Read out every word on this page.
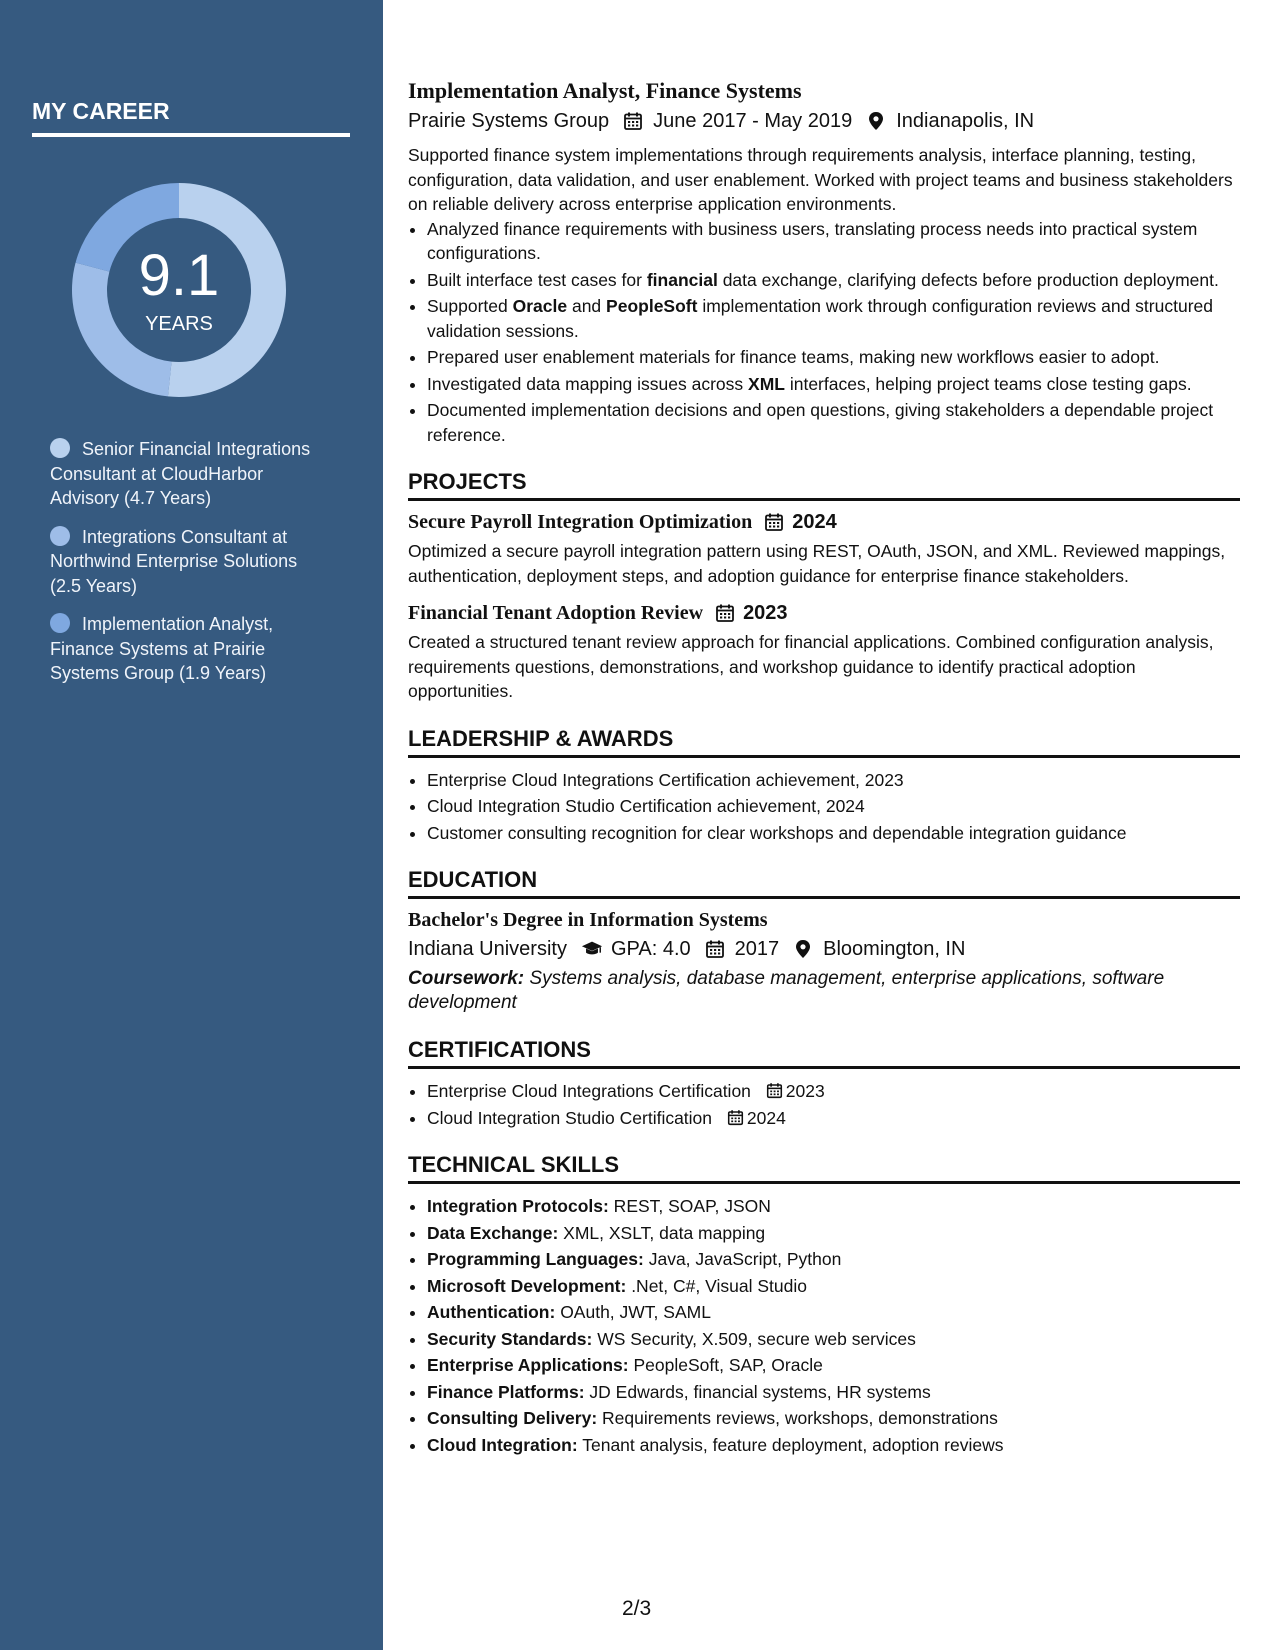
MY CAREER
9.1
YEARS
Senior Financial Integrations Consultant at CloudHarbor Advisory (4.7 Years)
Integrations Consultant at Northwind Enterprise Solutions (2.5 Years)
Implementation Analyst, Finance Systems at Prairie Systems Group (1.9 Years)
Implementation Analyst, Finance Systems
Prairie Systems Group June 2017 - May 2019 Indianapolis, IN

Supported finance system implementations through requirements analysis, interface planning, testing, configuration, data validation, and user enablement. Worked with project teams and business stakeholders on reliable delivery across enterprise application environments.

• Analyzed finance requirements with business users, translating process needs into practical system configurations.
• Built interface test cases for financial data exchange, clarifying defects before production deployment.
• Supported Oracle and PeopleSoft implementation work through configuration reviews and structured validation sessions.
• Prepared user enablement materials for finance teams, making new workflows easier to adopt.
• Investigated data mapping issues across XML interfaces, helping project teams close testing gaps.
• Documented implementation decisions and open questions, giving stakeholders a dependable project reference.
PROJECTS
Secure Payroll Integration Optimization 2024

Optimized a secure payroll integration pattern using REST, OAuth, JSON, and XML. Reviewed mappings, authentication, deployment steps, and adoption guidance for enterprise finance stakeholders.

Financial Tenant Adoption Review 2023

Created a structured tenant review approach for financial applications. Combined configuration analysis, requirements questions, demonstrations, and workshop guidance to identify practical adoption opportunities.

LEADERSHIP & AWARDS
• Enterprise Cloud Integrations Certification achievement, 2023
• Cloud Integration Studio Certification achievement, 2024
• Customer consulting recognition for clear workshops and dependable integration guidance
EDUCATION
Bachelor's Degree in Information Systems
Indiana University GPA: 4.0 2017 Bloomington, IN

Coursework: Systems analysis, database management, enterprise applications, software development

CERTIFICATIONS
• Enterprise Cloud Integrations Certification 2023
• Cloud Integration Studio Certification 2024
TECHNICAL SKILLS
• Integration Protocols: REST, SOAP, JSON
• Data Exchange: XML, XSLT, data mapping
• Programming Languages: Java, JavaScript, Python
• Microsoft Development: .Net, C#, Visual Studio
• Authentication: OAuth, JWT, SAML
• Security Standards: WS Security, X.509, secure web services
• Enterprise Applications: PeopleSoft, SAP, Oracle
• Finance Platforms: JD Edwards, financial systems, HR systems
• Consulting Delivery: Requirements reviews, workshops, demonstrations
• Cloud Integration: Tenant analysis, feature deployment, adoption reviews
2/3
